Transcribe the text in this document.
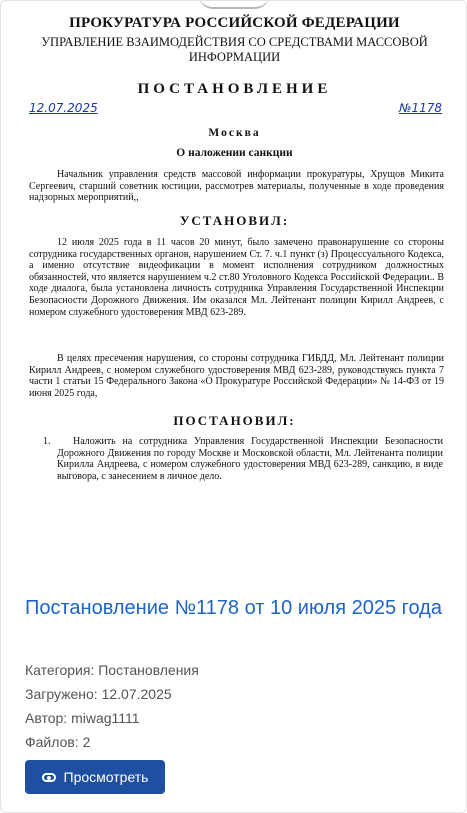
ПРОКУРАТУРА РОССИЙСКОЙ ФЕДЕРАЦИИ
УПРАВЛЕНИЕ ВЗАИМОДЕЙСТВИЯ СО СРЕДСТВАМИ МАССОВОЙ ИНФОРМАЦИИ
ПОСТАНОВЛЕНИЕ
12.07.2025	№1178
Москва
О наложении санкции
Начальник управления средств массовой информации прокуратуры, Хрущов Микита Сергеевич, старший советник юстиции, рассмотрев материалы, полученные в ходе проведения надзорных мероприятий,,
УСТАНОВИЛ:
12 июля 2025 года в 11 часов 20 минут, было замечено правонарушение со стороны сотрудника государственных органов, нарушением Ст. 7. ч.1 пункт (з) Процессуального Кодекса, а именно отсутствие видеофикации в момент исполнения сотрудником должностных обязанностей, что является нарушением ч.2 ст.80 Уголовного Кодекса Российской Федерации.. В ходе диалога, была установлена личность сотрудника Управления Государственной Инспекции Безопасности Дорожного Движения. Им оказался Мл. Лейтенант полиции Кирилл Андреев, с номером служебного удостоверения МВД 623-289.
В целях пресечения нарушения, со стороны сотрудника ГИБДД, Мл. Лейтенант полиции Кирилл Андреев, с номером служебного удостоверения МВД 623-289, руководствуясь пункта 7 части 1 статьи 15 Федерального Закона «О Прокуратуре Российской Федерации» № 14-ФЗ от 19 июня 2025 года,
ПОСТАНОВИЛ:
1.	Наложить на сотрудника Управления Государственной Инспекции Безопасности Дорожного Движения по городу Москве и Московской области, Мл. Лейтенанта полиции Кирилла Андреева, с номером служебного удостоверения МВД 623-289, санкцию, в виде выговора, с занесением в личное дело.
Постановление №1178 от 10 июля 2025 года
Категория: Постановления
Загружено: 12.07.2025
Автор: miwag1111
Файлов: 2
Просмотреть
